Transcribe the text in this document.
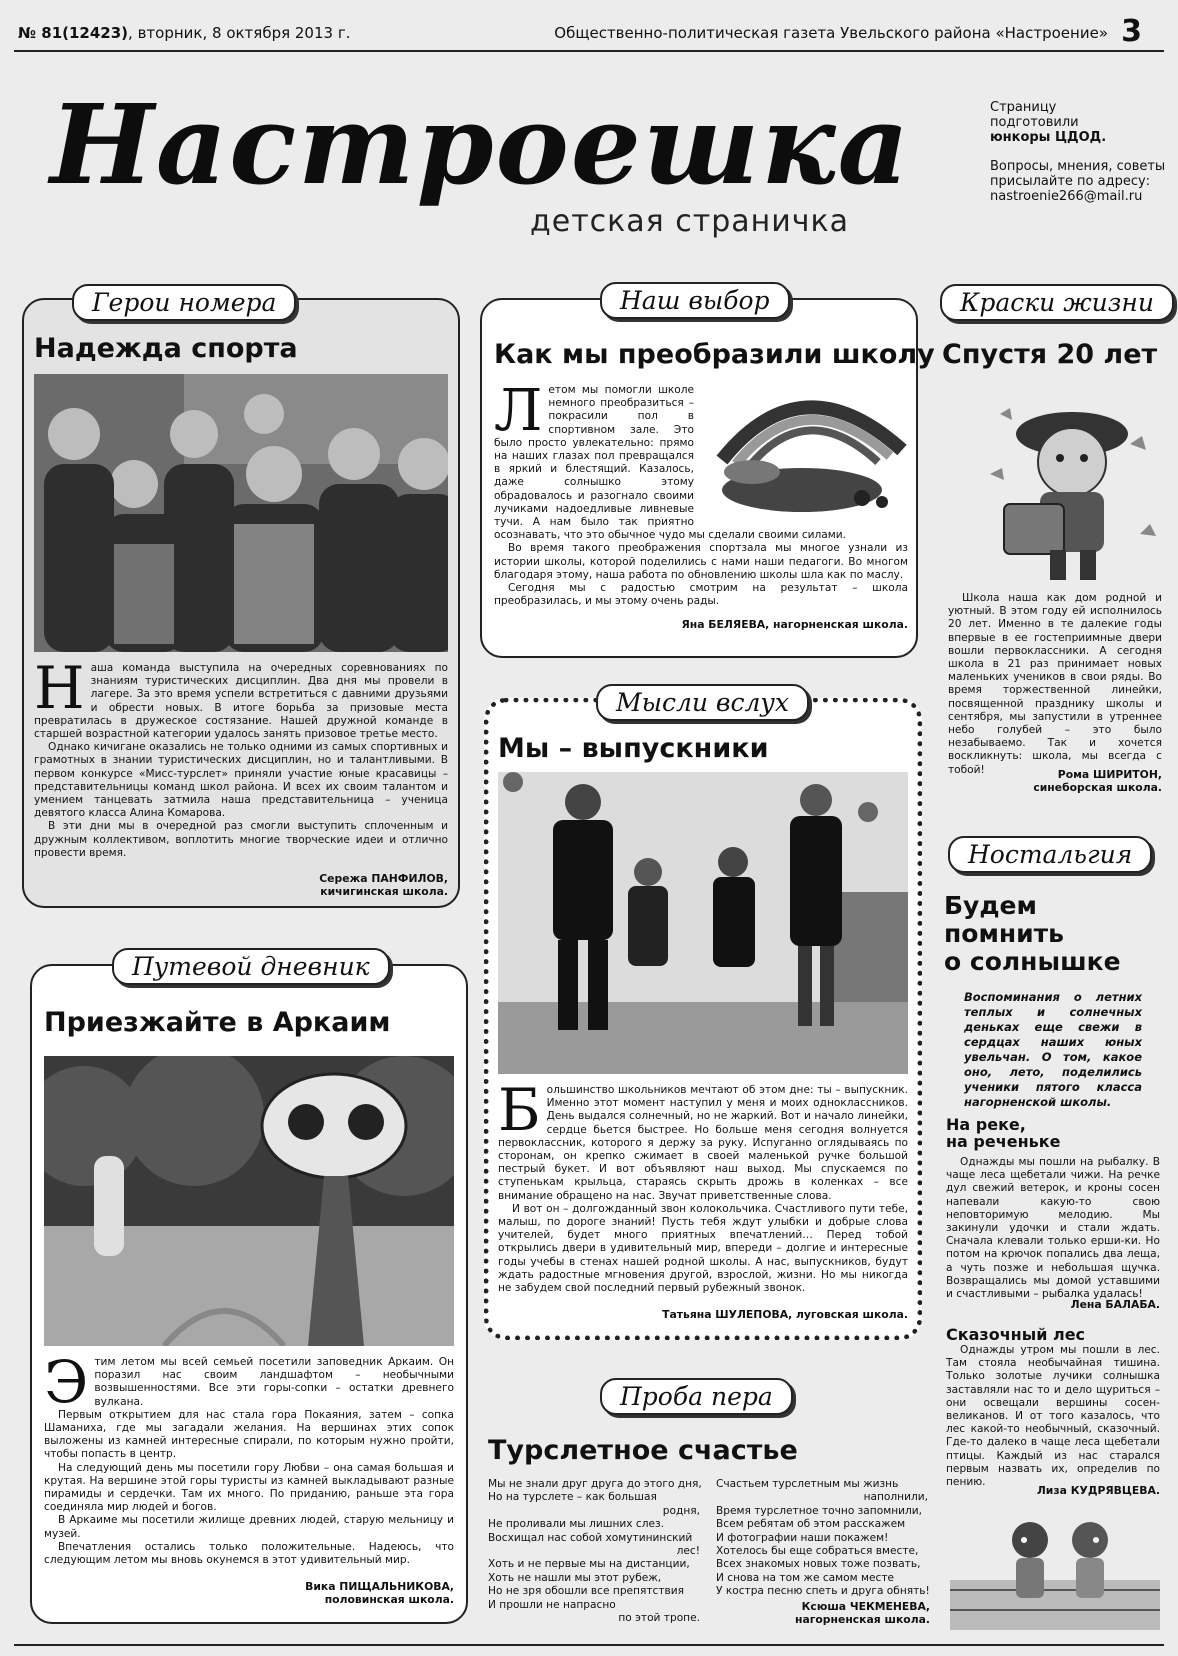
№ 81(12423), вторник, 8 октября 2013 г.	Общественно-политическая газета Увельского района «Настроение» 3
Настроешка
детская страничка
Страницу
подготовили
юнкоры ЦДОД.
Вопросы, мнения, советы
присылайте по адресу:
nastroenie266@mail.ru
Герои номера
Надежда спорта
Н аша команда выступила на очередных соревнованиях по знаниям туристических дисциплин. Два дня мы провели в лагере. За это время успели встретиться с давними друзьями и обрести новых. В итоге борьба за призовые места превратилась в дружеское состязание. Нашей дружной команде в старшей возрастной категории удалось занять призовое третье место.

Однако кичигане оказались не только одними из самых спортивных и грамотных в знании туристических дисциплин, но и талантливыми. В первом конкурсе «Мисс-турслет» приняли участие юные красавицы – представительницы команд школ района. И всех их своим талантом и умением танцевать затмила наша представительница – ученица девятого класса Алина Комарова.

В эти дни мы в очередной раз смогли выступить сплоченным и дружным коллективом, воплотить многие творческие идеи и отлично провести время.

Сережа ПАНФИЛОВ,
кичигинская школа.
Наш выбор
Как мы преобразили школу
Л етом мы помогли школе немного преобразиться – покрасили пол в спортивном зале. Это было просто увлекательно: прямо на наших глазах пол превращался в яркий и блестящий. Казалось, даже солнышко этому обрадовалось и разогнало своими лучиками надоедливые ливневые тучи. А нам было так приятно осознавать, что это обычное чудо мы сделали своими силами.

Во время такого преображения спортзала мы многое узнали из истории школы, которой поделились с нами наши педагоги. Во многом благодаря этому, наша работа по обновлению школы шла как по маслу.

Сегодня мы с радостью смотрим на результат – школа преобразилась, и мы этому очень рады.

Яна БЕЛЯЕВА, нагорненская школа.
Краски жизни
Спустя 20 лет

Школа наша как дом родной и уютный. В этом году ей исполнилось 20 лет. Именно в те далекие годы впервые в ее гостеприимные двери вошли первоклассники. А сегодня школа в 21 раз принимает новых маленьких учеников в свои ряды. Во время торжественной линейки, посвященной празднику школы и сентября, мы запустили в утреннее небо голубей – это было незабываемо. Так и хочется воскликнуть: школа, мы всегда с тобой!	Рома ШИРИТОН,
синеборская школа.
Мысли вслух
Мы – выпускники
Б ольшинство школьников мечтают об этом дне: ты – выпускник. Именно этот момент наступил у меня и моих одноклассников. День выдался солнечный, но не жаркий. Вот и начало линейки, сердце бьется быстрее. Но больше меня сегодня волнуется первоклассник, которого я держу за руку. Испуганно оглядываясь по сторонам, он крепко сжимает в своей маленькой ручке большой пестрый букет. И вот объявляют наш выход. Мы спускаемся по ступенькам крыльца, стараясь скрыть дрожь в коленках – все внимание обращено на нас. Звучат приветственные слова.

И вот он – долгожданный звон колокольчика. Счастливого пути тебе, малыш, по дороге знаний! Пусть тебя ждут улыбки и добрые слова учителей, будет много приятных впечатлений… Перед тобой открылись двери в удивительный мир, впереди – долгие и интересные годы учебы в стенах нашей родной школы. А нас, выпускников, будут ждать радостные мгновения другой, взрослой, жизни. Но мы никогда не забудем свой последний первый рубежный звонок.

Татьяна ШУЛЕПОВА, луговская школа.
Ностальгия
Будем
помнить
о солнышке
Воспоминания о летних теплых и солнечных деньках еще свежи в сердцах наших юных увельчан. О том, какое оно, лето, поделились ученики пятого класса нагорненской школы.
На реке,
на реченьке

Однажды мы пошли на рыбалку. В чаще леса щебетали чижи. На речке дул свежий ветерок, и кроны сосен напевали какую-то свою неповторимую мелодию. Мы закинули удочки и стали ждать. Сначала клевали только ерши-ки. Но потом на крючок попались два леща, а чуть позже и небольшая щучка. Возвращались мы домой уставшими и счастливыми – рыбалка удалась!

Лена БАЛАБА.
Сказочный лес

Однажды утром мы пошли в лес. Там стояла необычайная тишина. Только золотые лучики солнышка заставляли нас то и дело щуриться – они освещали вершины сосен-великанов. И от того казалось, что лес какой-то необычный, сказочный. Где-то далеко в чаще леса щебетали птицы. Каждый из нас старался первым назвать их, определив по пению.

Лиза КУДРЯВЦЕВА.
Путевой дневник
Приезжайте в Аркаим
Э тим летом мы всей семьей посетили заповедник Аркаим. Он поразил нас своим ландшафтом – необычными возвышенностями. Все эти горы-сопки – остатки древнего вулкана.

Первым открытием для нас стала гора Покаяния, затем – сопка Шаманиха, где мы загадали желания. На вершинах этих сопок выложены из камней интересные спирали, по которым нужно пройти, чтобы попасть в центр.

На следующий день мы посетили гору Любви – она самая большая и крутая. На вершине этой горы туристы из камней выкладывают разные пирамиды и сердечки. Там их много. По приданию, раньше эта гора соединяла мир людей и богов.

В Аркаиме мы посетили жилище древних людей, старую мельницу и музей.

Впечатления остались только положительные. Надеюсь, что следующим летом мы вновь окунемся в этот удивительный мир.

Вика ПИЩАЛЬНИКОВА,
половинская школа.
Проба пера
Турслетное счастье
Мы не знали друг друга до этого дня,
Но на турслете – как большая
родня,
Не проливали мы лишних слез.
Восхищал нас собой хомутининский
лес!
Хоть и не первые мы на дистанции,
Хоть не нашли мы этот рубеж,
Но не зря обошли все препятствия
И прошли не напрасно
по этой тропе.
Счастьем турслетным мы жизнь
наполнили,
Время турслетное точно запомнили,
Всем ребятам об этом расскажем
И фотографии наши покажем!
Хотелось бы еще собраться вместе,
Всех знакомых новых тоже позвать,
И снова на том же самом месте
У костра песню спеть и друга обнять!
Ксюша ЧЕКМЕНЕВА,
нагорненская школа.
